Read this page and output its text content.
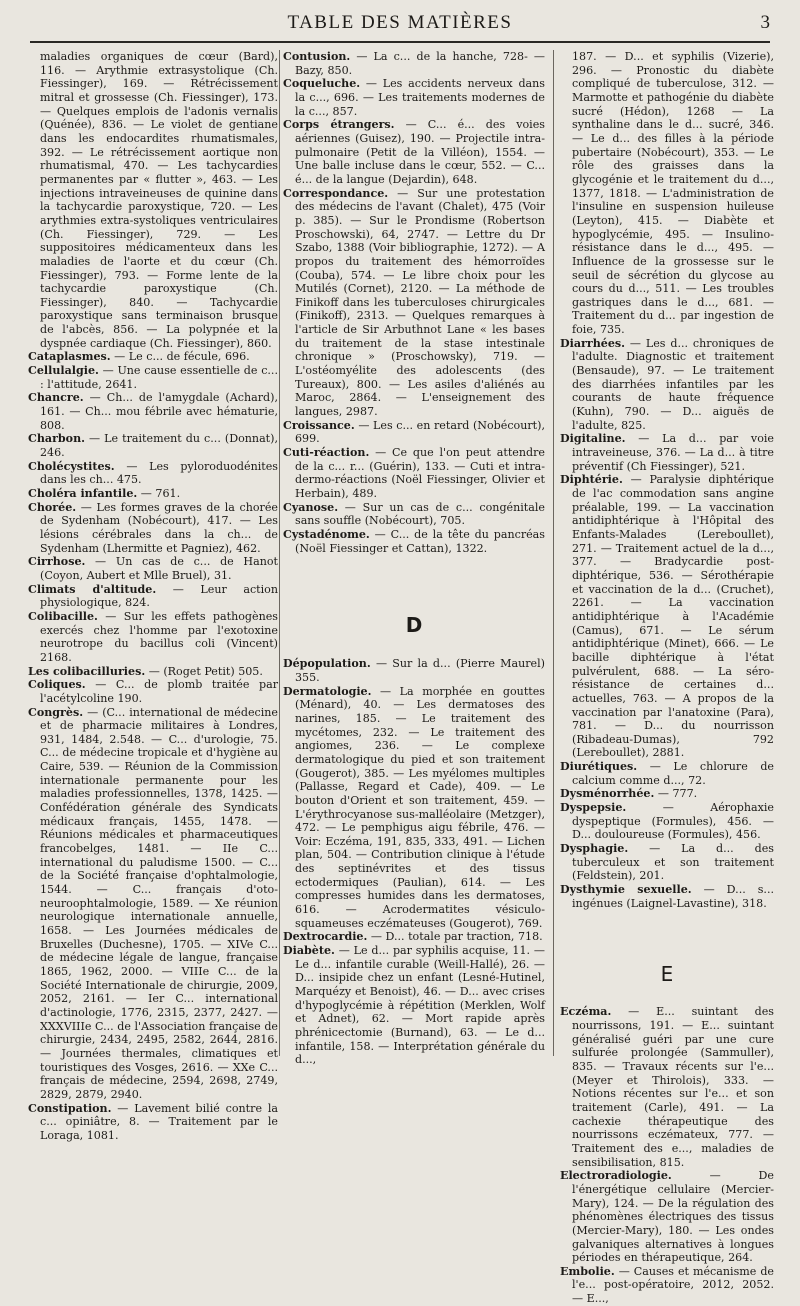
TABLE DES MATIÈRES	3

maladies organiques de cœur (Bard), 116. — Arythmie extrasystolique (Ch. Fiessinger), 169. — Rétrécissement mitral et grossesse (Ch. Fiessinger), 173. — Quelques emplois de l'adonis vernalis (Quénée), 836. — Le violet de gentiane dans les endocardites rhumatismales, 392. — Le rétrécissement aortique non rhumatismal, 470. — Les tachycardies permanentes par « flutter », 463. — Les injections intraveineuses de quinine dans la tachycardie paroxystique, 720. — Les arythmies extra-systoliques ventriculaires (Ch. Fiessinger), 729. — Les suppositoires médicamenteux dans les maladies de l'aorte et du cœur (Ch. Fiessinger), 793. — Forme lente de la tachycardie paroxystique (Ch. Fiessinger), 840. — Tachycardie paroxystique sans terminaison brusque de l'abcès, 856. — La polypnée et la dyspnée cardiaque (Ch. Fiessinger), 860.

Cataplasmes. — Le c... de fécule, 696.

Cellulalgie. — Une cause essentielle de c... : l'attitude, 2641.

Chancre. — Ch... de l'amygdale (Achard), 161. — Ch... mou fébrile avec hématurie, 808.

Charbon. — Le traitement du c... (Donnat), 246.

Cholécystites. — Les pyloroduodénites dans les ch... 475.

Choléra infantile. — 761.

Chorée. — Les formes graves de la chorée de Sydenham (Nobécourt), 417. — Les lésions cérébrales dans la ch... de Sydenham (Lhermitte et Pagniez), 462.

Cirrhose. — Un cas de c... de Hanot (Coyon, Aubert et Mlle Bruel), 31.

Climats d'altitude. — Leur action physiologique, 824.

Colibacille. — Sur les effets pathogènes exercés chez l'homme par l'exotoxine neurotrope du bacillus coli (Vincent) 2168.

Les colibacilluries. — (Roget Petit) 505.

Coliques. — C... de plomb traitée par l'acétylcoline 190.

Congrès. — (C... international de médecine et de pharmacie militaires à Londres, 931, 1484, 2.548. — C... d'urologie, 75. C... de médecine tropicale et d'hygiène au Caire, 539. — Réunion de la Commission internationale permanente pour les maladies professionnelles, 1378, 1425. — Confédération générale des Syndicats médicaux français, 1455, 1478. — Réunions médicales et pharmaceutiques francobelges, 1481. — IIe C... international du paludisme 1500. — C... de la Société française d'ophtalmologie, 1544. — C... français d'oto-neuroophtalmologie, 1589. — Xe réunion neurologique internationale annuelle, 1658. — Les Journées médicales de Bruxelles (Duchesne), 1705. — XIVe C... de médecine légale de langue, française 1865, 1962, 2000. — VIIIe C... de la Société Internationale de chirurgie, 2009, 2052, 2161. — Ier C... international d'actinologie, 1776, 2315, 2377, 2427. — XXXVIIIe C... de l'Association française de chirurgie, 2434, 2495, 2582, 2644, 2816. — Journées thermales, climatiques et touristiques des Vosges, 2616. — XXe C... français de médecine, 2594, 2698, 2749, 2829, 2879, 2940.

Constipation. — Lavement bilié contre la c... opiniâtre, 8. — Traitement par le Loraga, 1081.

Contusion. — La c... de la hanche, 728- — Bazy, 850.

Coqueluche. — Les accidents nerveux dans la c..., 696. — Les traitements modernes de la c..., 857.

Corps étrangers. — C... é... des voies aériennes (Guisez), 190. — Projectile intra-pulmonaire (Petit de la Villéon), 1554. — Une balle incluse dans le cœur, 552. — C... é... de la langue (Dejardin), 648.

Correspondance. — Sur une protestation des médecins de l'avant (Chalet), 475 (Voir p. 385). — Sur le Prondisme (Robertson Proschowski), 64, 2747. — Lettre du Dr Szabo, 1388 (Voir bibliographie, 1272). — A propos du traitement des hémorroïdes (Couba), 574. — Le libre choix pour les Mutilés (Cornet), 2120. — La méthode de Finikoff dans les tuberculoses chirurgicales (Finikoff), 2313. — Quelques remarques à l'article de Sir Arbuthnot Lane « les bases du traitement de la stase intestinale chronique » (Proschowsky), 719. — L'ostéomyélite des adolescents (des Tureaux), 800. — Les asiles d'aliénés au Maroc, 2864. — L'enseignement des langues, 2987.

Croissance. — Les c... en retard (Nobécourt), 699.

Cuti-réaction. — Ce que l'on peut attendre de la c... r... (Guérin), 133. — Cuti et intra-dermo-réactions (Noël Fiessinger, Olivier et Herbain), 489.

Cyanose. — Sur un cas de c... congénitale sans souffle (Nobécourt), 705.

Cystadénome. — C... de la tête du pancréas (Noël Fiessinger et Cattan), 1322.

D

Dépopulation. — Sur la d... (Pierre Maurel) 355.

Dermatologie. — La morphée en gouttes (Ménard), 40. — Les dermatoses des narines, 185. — Le traitement des mycétomes, 232. — Le traitement des angiomes, 236. — Le complexe dermatologique du pied et son traitement (Gougerot), 385. — Les myélomes multiples (Pallasse, Regard et Cade), 409. — Le bouton d'Orient et son traitement, 459. — L'érythrocyanose sus-malléolaire (Metzger), 472. — Le pemphigus aigu fébrile, 476. — Voir: Eczéma, 191, 835, 333, 491. — Lichen plan, 504. — Contribution clinique à l'étude des septinévrites et des tissus ectodermiques (Paulian), 614. — Les compresses humides dans les dermatoses, 616. — Acrodermatites vésiculo-squameuses eczémateuses (Gougerot), 769.

Dextrocardie. — D... totale par traction, 718.

Diabète. — Le d... par syphilis acquise, 11. — Le d... infantile curable (Weill-Hallé), 26. — D... insipide chez un enfant (Lesné-Hutinel, Marquézy et Benoist), 46. — D... avec crises d'hypoglycémie à répétition (Merklen, Wolf et Adnet), 62. — Mort rapide après phrénicectomie (Burnand), 63. — Le d... infantile, 158. — Interprétation générale du d...,

187. — D... et syphilis (Vizerie), 296. — Pronostic du diabète compliqué de tuberculose, 312. — Marmotte et pathogénie du diabète sucré (Hédon), 1268 — La synthaline dans le d... sucré, 346. — Le d... des filles à la période pubertaire (Nobécourt), 353. — Le rôle des graisses dans la glycogénie et le traitement du d..., 1377, 1818. — L'administration de l'insuline en suspension huileuse (Leyton), 415. — Diabète et hypoglycémie, 495. — Insulino-résistance dans le d..., 495. — Influence de la grossesse sur le seuil de sécrétion du glycose au cours du d..., 511. — Les troubles gastriques dans le d..., 681. — Traitement du d... par ingestion de foie, 735.

Diarrhées. — Les d... chroniques de l'adulte. Diagnostic et traitement (Bensaude), 97. — Le traitement des diarrhées infantiles par les courants de haute fréquence (Kuhn), 790. — D... aiguës de l'adulte, 825.

Digitaline. — La d... par voie intraveineuse, 376. — La d... à titre préventif (Ch Fiessinger), 521.

Diphtérie. — Paralysie diphtérique de l'ac commodation sans angine préalable, 199. — La vaccination antidiphtérique à l'Hôpital des Enfants-Malades (Lereboullet), 271. — Traitement actuel de la d..., 377. — Bradycardie post-diphtérique, 536. — Sérothérapie et vaccination de la d... (Cruchet), 2261. — La vaccination antidiphtérique à l'Académie (Camus), 671. — Le sérum antidiphtérique (Minet), 666. — Le bacille diphtérique à l'état pulvérulent, 688. — La séro-résistance de certaines d... actuelles, 763. — A propos de la vaccination par l'anatoxine (Para), 781. — D... du nourrisson (Ribadeau-Dumas), 792 (Lereboullet), 2881.

Diurétiques. — Le chlorure de calcium comme d..., 72.

Dysménorrhée. — 777.

Dyspepsie. — Aérophaxie dyspeptique (Formules), 456. — D... douloureuse (Formules), 456.

Dysphagie. — La d... des tuberculeux et son traitement (Feldstein), 201.

Dysthymie sexuelle. — D... s... ingénues (Laignel-Lavastine), 318.

E

Eczéma. — E... suintant des nourrissons, 191. — E... suintant généralisé guéri par une cure sulfurée prolongée (Sammuller), 835. — Travaux récents sur l'e... (Meyer et Thirolois), 333. — Notions récentes sur l'e... et son traitement (Carle), 491. — La cachexie thérapeutique des nourrissons eczémateux, 777. — Traitement des e..., maladies de sensibilisation, 815.

Electroradiologie. — De l'énergétique cellulaire (Mercier-Mary), 124. — De la régulation des phénomènes électriques des tissus (Mercier-Mary), 180. — Les ondes galvaniques alternatives à longues périodes en thérapeutique, 264.

Embolie. — Causes et mécanisme de l'e... post-opératoire, 2012, 2052. — E...,
